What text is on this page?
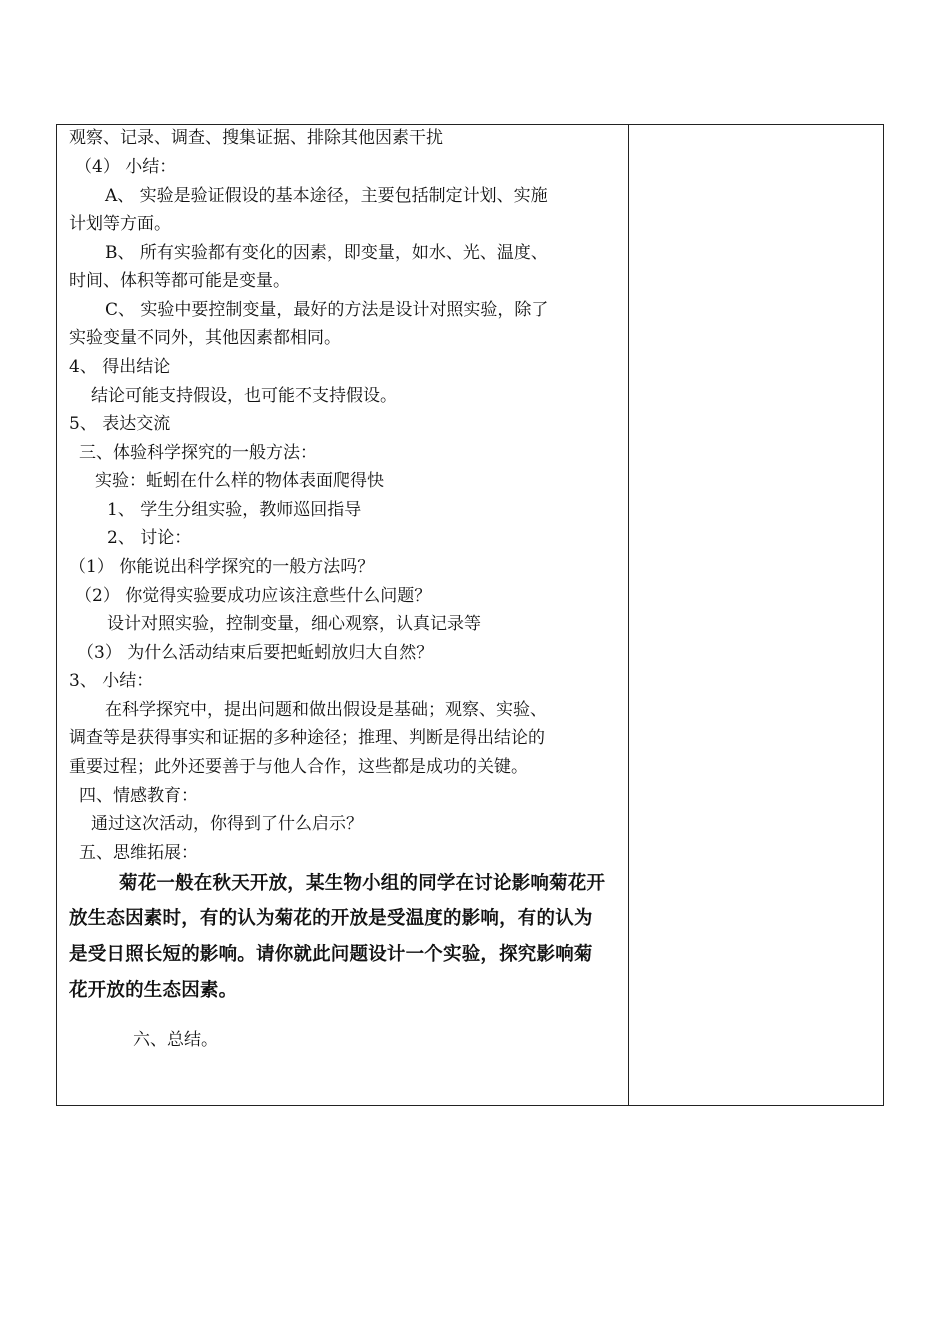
观察、记录、调查、搜集证据、排除其他因素干扰
（4） 小结：
A、 实验是验证假设的基本途径，主要包括制定计划、实施
计划等方面。
B、 所有实验都有变化的因素，即变量，如水、光、温度、
时间、体积等都可能是变量。
C、 实验中要控制变量，最好的方法是设计对照实验，除了
实验变量不同外，其他因素都相同。
4、 得出结论
结论可能支持假设，也可能不支持假设。
5、 表达交流
三、体验科学探究的一般方法：
实验：蚯蚓在什么样的物体表面爬得快
1、 学生分组实验，教师巡回指导
2、 讨论：
（1） 你能说出科学探究的一般方法吗？
（2） 你觉得实验要成功应该注意些什么问题？
设计对照实验，控制变量，细心观察，认真记录等
（3） 为什么活动结束后要把蚯蚓放归大自然？
3、 小结：
在科学探究中，提出问题和做出假设是基础；观察、实验、
调查等是获得事实和证据的多种途径；推理、判断是得出结论的
重要过程；此外还要善于与他人合作，这些都是成功的关键。
四、情感教育：
通过这次活动，你得到了什么启示？
五、思维拓展：
菊花一般在秋天开放，某生物小组的同学在讨论影响菊花开
放生态因素时，有的认为菊花的开放是受温度的影响，有的认为
是受日照长短的影响。请你就此问题设计一个实验，探究影响菊
花开放的生态因素。
六、总结。
